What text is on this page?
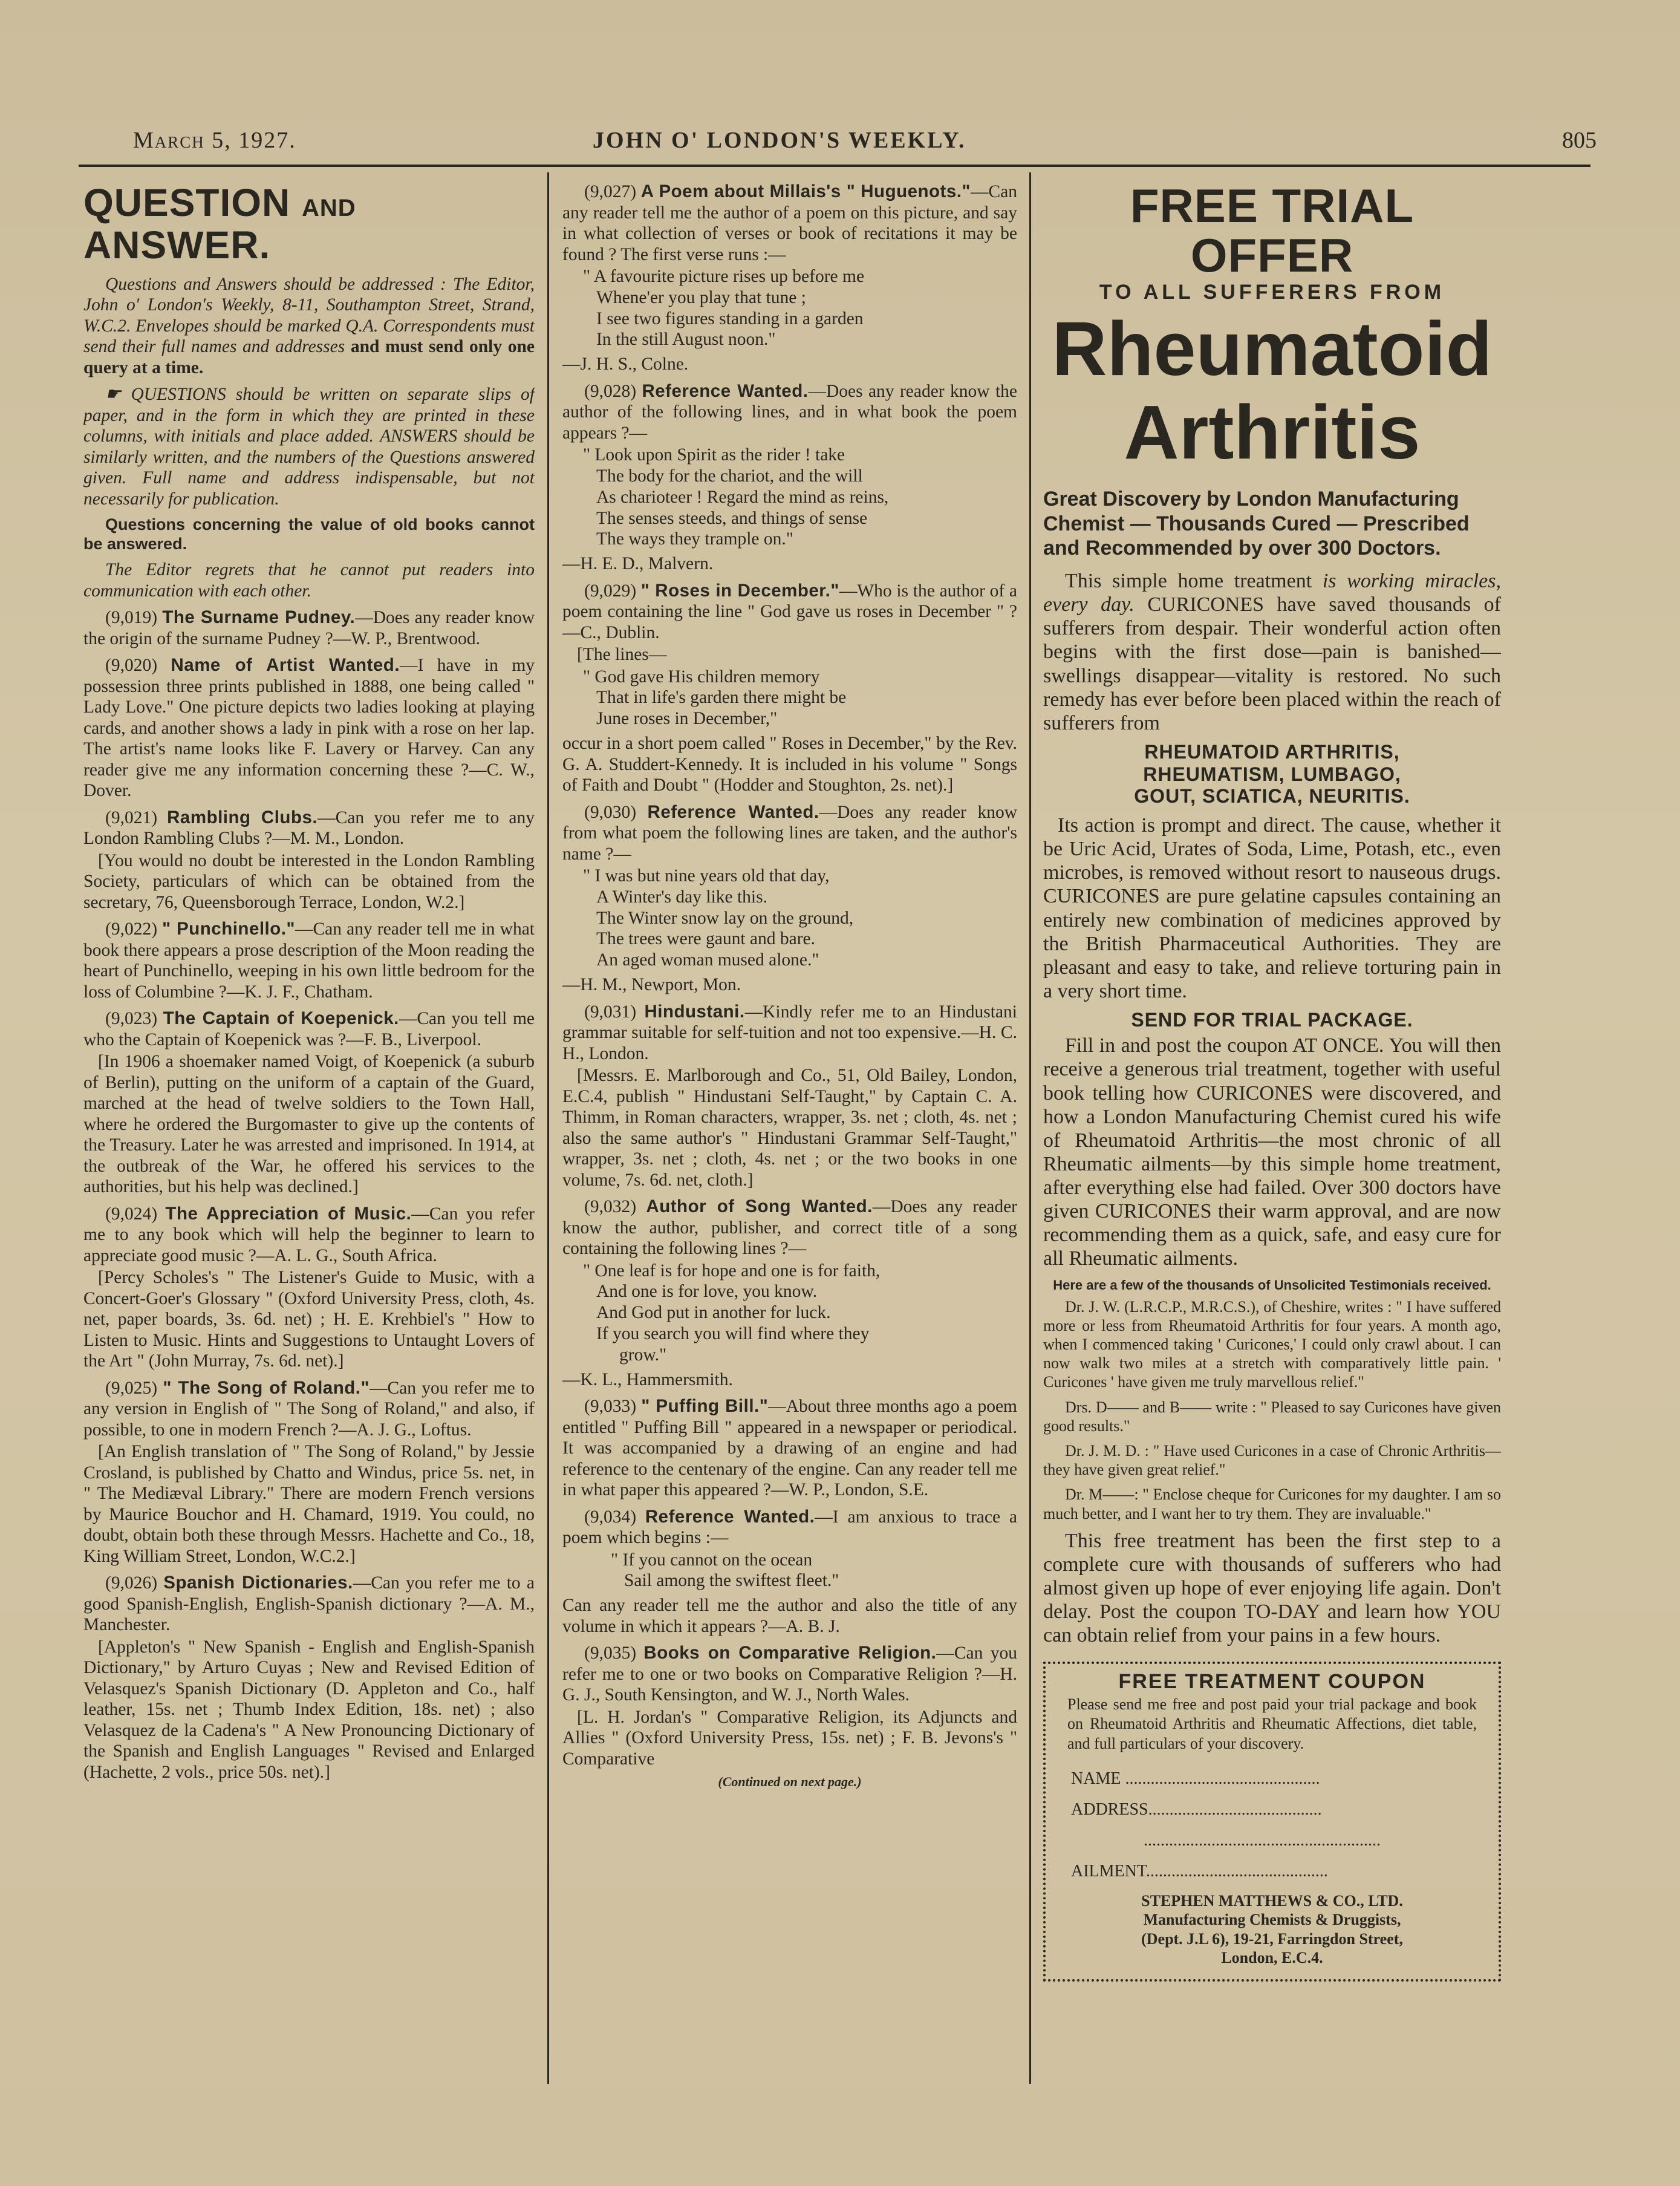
March 5, 1927.	JOHN O' LONDON'S WEEKLY.	805
QUESTION AND ANSWER.

Questions and Answers should be addressed : The Editor, John o' London's Weekly, 8-11, Southampton Street, Strand, W.C.2. Envelopes should be marked Q.A. Correspondents must send their full names and addresses and must send only one query at a time.

☛ QUESTIONS should be written on separate slips of paper, and in the form in which they are printed in these columns, with initials and place added. ANSWERS should be similarly written, and the numbers of the Questions answered given. Full name and address indispensable, but not necessarily for publication.

Questions concerning the value of old books cannot be answered.

The Editor regrets that he cannot put readers into communication with each other.

(9,019) The Surname Pudney.—Does any reader know the origin of the surname Pudney ?—W. P., Brentwood.

(9,020) Name of Artist Wanted.—I have in my possession three prints published in 1888, one being called " Lady Love." One picture depicts two ladies looking at playing cards, and another shows a lady in pink with a rose on her lap. The artist's name looks like F. Lavery or Harvey. Can any reader give me any information concerning these ?—C. W., Dover.

(9,021) Rambling Clubs.—Can you refer me to any London Rambling Clubs ?—M. M., London.

[You would no doubt be interested in the London Rambling Society, particulars of which can be obtained from the secretary, 76, Queensborough Terrace, London, W.2.]

(9,022) " Punchinello."—Can any reader tell me in what book there appears a prose description of the Moon reading the heart of Punchinello, weeping in his own little bedroom for the loss of Columbine ?—K. J. F., Chatham.

(9,023) The Captain of Koepenick.—Can you tell me who the Captain of Koepenick was ?—F. B., Liverpool.

[In 1906 a shoemaker named Voigt, of Koepenick (a suburb of Berlin), putting on the uniform of a captain of the Guard, marched at the head of twelve soldiers to the Town Hall, where he ordered the Burgomaster to give up the contents of the Treasury. Later he was arrested and imprisoned. In 1914, at the outbreak of the War, he offered his services to the authorities, but his help was declined.]

(9,024) The Appreciation of Music.—Can you refer me to any book which will help the beginner to learn to appreciate good music ?—A. L. G., South Africa.

[Percy Scholes's " The Listener's Guide to Music, with a Concert-Goer's Glossary " (Oxford University Press, cloth, 4s. net, paper boards, 3s. 6d. net) ; H. E. Krehbiel's " How to Listen to Music. Hints and Suggestions to Untaught Lovers of the Art " (John Murray, 7s. 6d. net).]

(9,025) " The Song of Roland."—Can you refer me to any version in English of " The Song of Roland," and also, if possible, to one in modern French ?—A. J. G., Loftus.

[An English translation of " The Song of Roland," by Jessie Crosland, is published by Chatto and Windus, price 5s. net, in " The Mediæval Library." There are modern French versions by Maurice Bouchor and H. Chamard, 1919. You could, no doubt, obtain both these through Messrs. Hachette and Co., 18, King William Street, London, W.C.2.]

(9,026) Spanish Dictionaries.—Can you refer me to a good Spanish-English, English-Spanish dictionary ?—A. M., Manchester.

[Appleton's " New Spanish - English and English-Spanish Dictionary," by Arturo Cuyas ; New and Revised Edition of Velasquez's Spanish Dictionary (D. Appleton and Co., half leather, 15s. net ; Thumb Index Edition, 18s. net) ; also Velasquez de la Cadena's " A New Pronouncing Dictionary of the Spanish and English Languages " Revised and Enlarged (Hachette, 2 vols., price 50s. net).]

(9,027) A Poem about Millais's " Huguenots."—Can any reader tell me the author of a poem on this picture, and say in what collection of verses or book of recitations it may be found ? The first verse runs :—

" A favourite picture rises up before me
Whene'er you play that tune ;
I see two figures standing in a garden
In the still August noon."

—J. H. S., Colne.

(9,028) Reference Wanted.—Does any reader know the author of the following lines, and in what book the poem appears ?—

" Look upon Spirit as the rider ! take
The body for the chariot, and the will
As charioteer ! Regard the mind as reins,
The senses steeds, and things of sense
The ways they trample on."

—H. E. D., Malvern.

(9,029) " Roses in December."—Who is the author of a poem containing the line " God gave us roses in December " ?—C., Dublin.

[The lines—

" God gave His children memory
That in life's garden there might be
June roses in December,"

occur in a short poem called " Roses in December," by the Rev. G. A. Studdert-Kennedy. It is included in his volume " Songs of Faith and Doubt " (Hodder and Stoughton, 2s. net).]

(9,030) Reference Wanted.—Does any reader know from what poem the following lines are taken, and the author's name ?—

" I was but nine years old that day,
A Winter's day like this.
The Winter snow lay on the ground,
The trees were gaunt and bare.
An aged woman mused alone."

—H. M., Newport, Mon.

(9,031) Hindustani.—Kindly refer me to an Hindustani grammar suitable for self-tuition and not too expensive.—H. C. H., London.

[Messrs. E. Marlborough and Co., 51, Old Bailey, London, E.C.4, publish " Hindustani Self-Taught," by Captain C. A. Thimm, in Roman characters, wrapper, 3s. net ; cloth, 4s. net ; also the same author's " Hindustani Grammar Self-Taught," wrapper, 3s. net ; cloth, 4s. net ; or the two books in one volume, 7s. 6d. net, cloth.]

(9,032) Author of Song Wanted.—Does any reader know the author, publisher, and correct title of a song containing the following lines ?—

" One leaf is for hope and one is for faith,
And one is for love, you know.
And God put in another for luck.
If you search you will find where they
grow."

—K. L., Hammersmith.

(9,033) " Puffing Bill."—About three months ago a poem entitled " Puffing Bill " appeared in a newspaper or periodical. It was accompanied by a drawing of an engine and had reference to the centenary of the engine. Can any reader tell me in what paper this appeared ?—W. P., London, S.E.

(9,034) Reference Wanted.—I am anxious to trace a poem which begins :—

" If you cannot on the ocean
Sail among the swiftest fleet."

Can any reader tell me the author and also the title of any volume in which it appears ?—A. B. J.

(9,035) Books on Comparative Religion.—Can you refer me to one or two books on Comparative Religion ?—H. G. J., South Kensington, and W. J., North Wales.

[L. H. Jordan's " Comparative Religion, its Adjuncts and Allies " (Oxford University Press, 15s. net) ; F. B. Jevons's " Comparative

(Continued on next page.)
FREE TRIAL OFFER
TO ALL SUFFERERS FROM
Rheumatoid
Arthritis
Great Discovery by London Manufacturing Chemist — Thousands Cured — Prescribed and Recommended by over 300 Doctors.

This simple home treatment is working miracles, every day. CURICONES have saved thousands of sufferers from despair. Their wonderful action often begins with the first dose—pain is banished—swellings disappear—vitality is restored. No such remedy has ever before been placed within the reach of sufferers from

RHEUMATOID ARTHRITIS,
RHEUMATISM, LUMBAGO,
GOUT, SCIATICA, NEURITIS.

Its action is prompt and direct. The cause, whether it be Uric Acid, Urates of Soda, Lime, Potash, etc., even microbes, is removed without resort to nauseous drugs. CURICONES are pure gelatine capsules containing an entirely new combination of medicines approved by the British Pharmaceutical Authorities. They are pleasant and easy to take, and relieve torturing pain in a very short time.

SEND FOR TRIAL PACKAGE.

Fill in and post the coupon AT ONCE. You will then receive a generous trial treatment, together with useful book telling how CURICONES were discovered, and how a London Manufacturing Chemist cured his wife of Rheumatoid Arthritis—the most chronic of all Rheumatic ailments—by this simple home treatment, after everything else had failed. Over 300 doctors have given CURICONES their warm approval, and are now recommending them as a quick, safe, and easy cure for all Rheumatic ailments.

Here are a few of the thousands of Unsolicited Testimonials received.

Dr. J. W. (L.R.C.P., M.R.C.S.), of Cheshire, writes : " I have suffered more or less from Rheumatoid Arthritis for four years. A month ago, when I commenced taking ' Curicones,' I could only crawl about. I can now walk two miles at a stretch with comparatively little pain. ' Curicones ' have given me truly marvellous relief."

Drs. D—— and B—— write : " Pleased to say Curicones have given good results."

Dr. J. M. D. : " Have used Curicones in a case of Chronic Arthritis—they have given great relief."

Dr. M——: " Enclose cheque for Curicones for my daughter. I am so much better, and I want her to try them. They are invaluable."

This free treatment has been the first step to a complete cure with thousands of sufferers who had almost given up hope of ever enjoying life again. Don't delay. Post the coupon TO-DAY and learn how YOU can obtain relief from your pains in a few hours.

FREE TREATMENT COUPON
Please send me free and post paid your trial package and book on Rheumatoid Arthritis and Rheumatic Affections, diet table, and full particulars of your discovery.
NAME ..............................................
ADDRESS.........................................
........................................................
AILMENT...........................................
STEPHEN MATTHEWS & CO., LTD.
Manufacturing Chemists & Druggists,
(Dept. J.L 6), 19-21, Farringdon Street,
London, E.C.4.
